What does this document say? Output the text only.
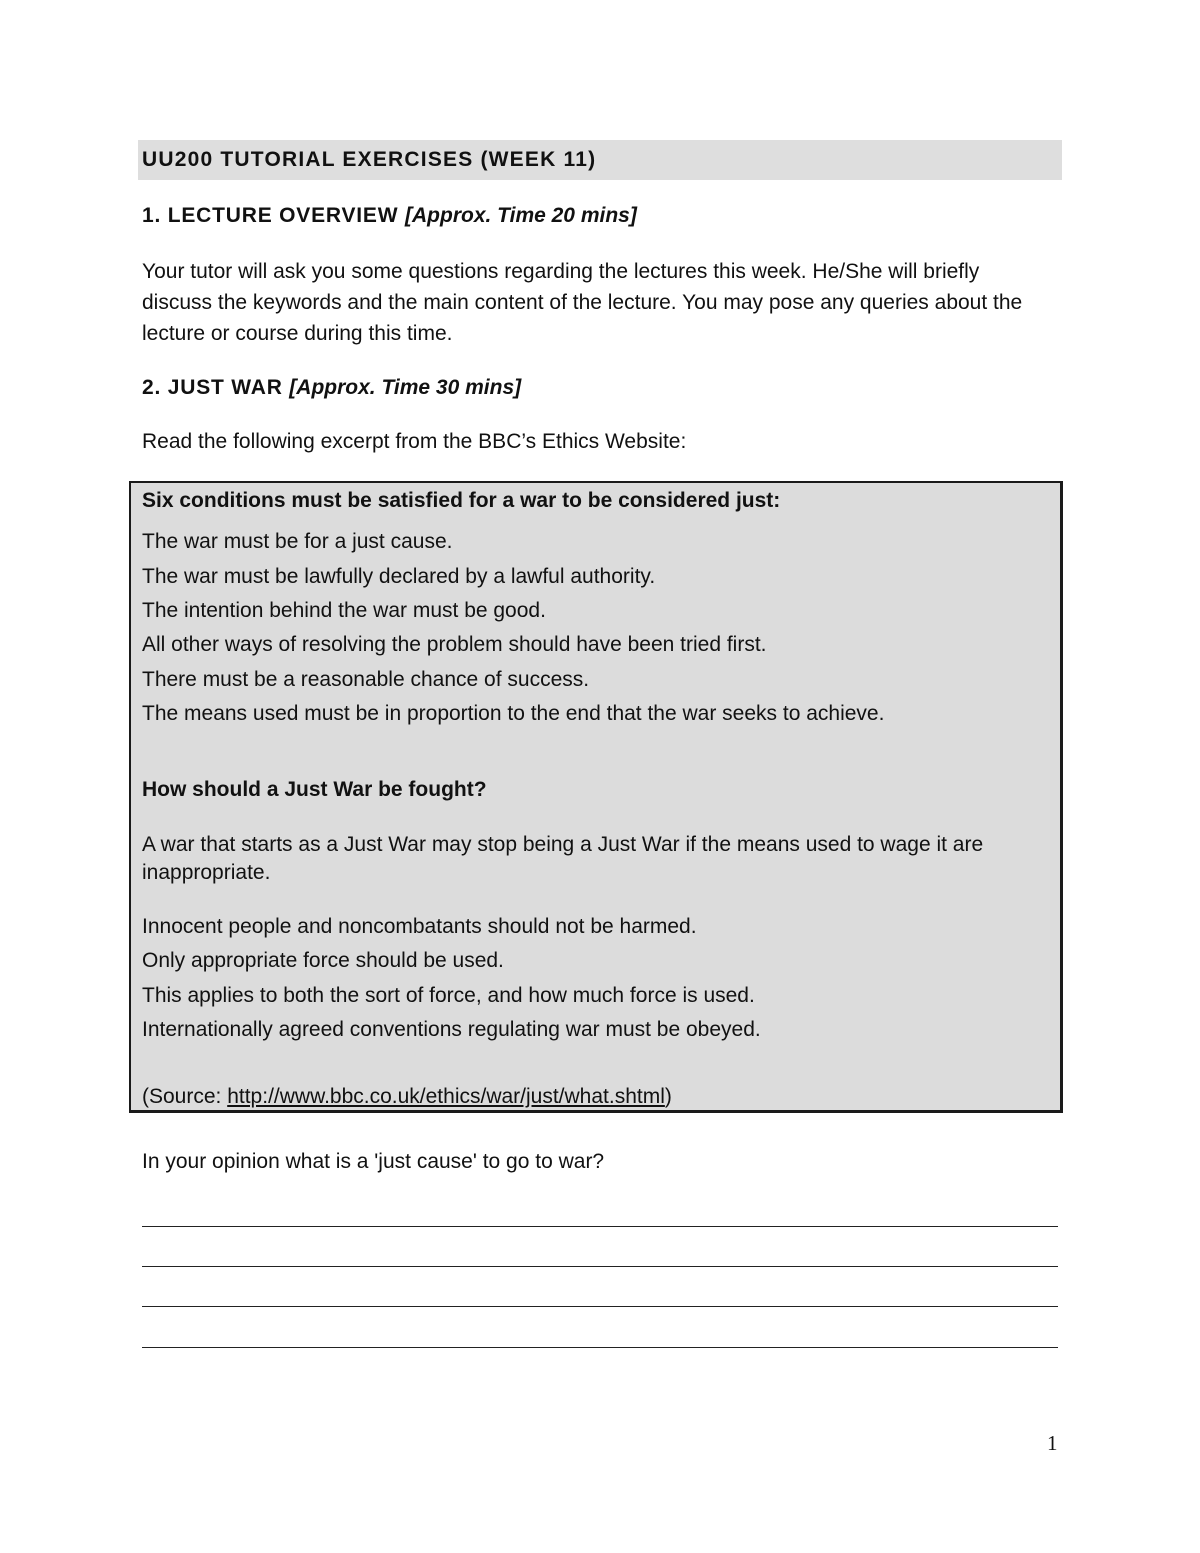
UU200 TUTORIAL EXERCISES (WEEK 11)
1. LECTURE OVERVIEW [Approx. Time 20 mins]
Your tutor will ask you some questions regarding the lectures this week. He/She will briefly discuss the keywords and the main content of the lecture. You may pose any queries about the lecture or course during this time.
2. JUST WAR [Approx. Time 30 mins]
Read the following excerpt from the BBC’s Ethics Website:
Six conditions must be satisfied for a war to be considered just:
The war must be for a just cause.
The war must be lawfully declared by a lawful authority.
The intention behind the war must be good.
All other ways of resolving the problem should have been tried first.
There must be a reasonable chance of success.
The means used must be in proportion to the end that the war seeks to achieve.
How should a Just War be fought?
A war that starts as a Just War may stop being a Just War if the means used to wage it are inappropriate.
Innocent people and noncombatants should not be harmed.
Only appropriate force should be used.
This applies to both the sort of force, and how much force is used.
Internationally agreed conventions regulating war must be obeyed.
(Source: http://www.bbc.co.uk/ethics/war/just/what.shtml)
In your opinion what is a 'just cause' to go to war?
1
